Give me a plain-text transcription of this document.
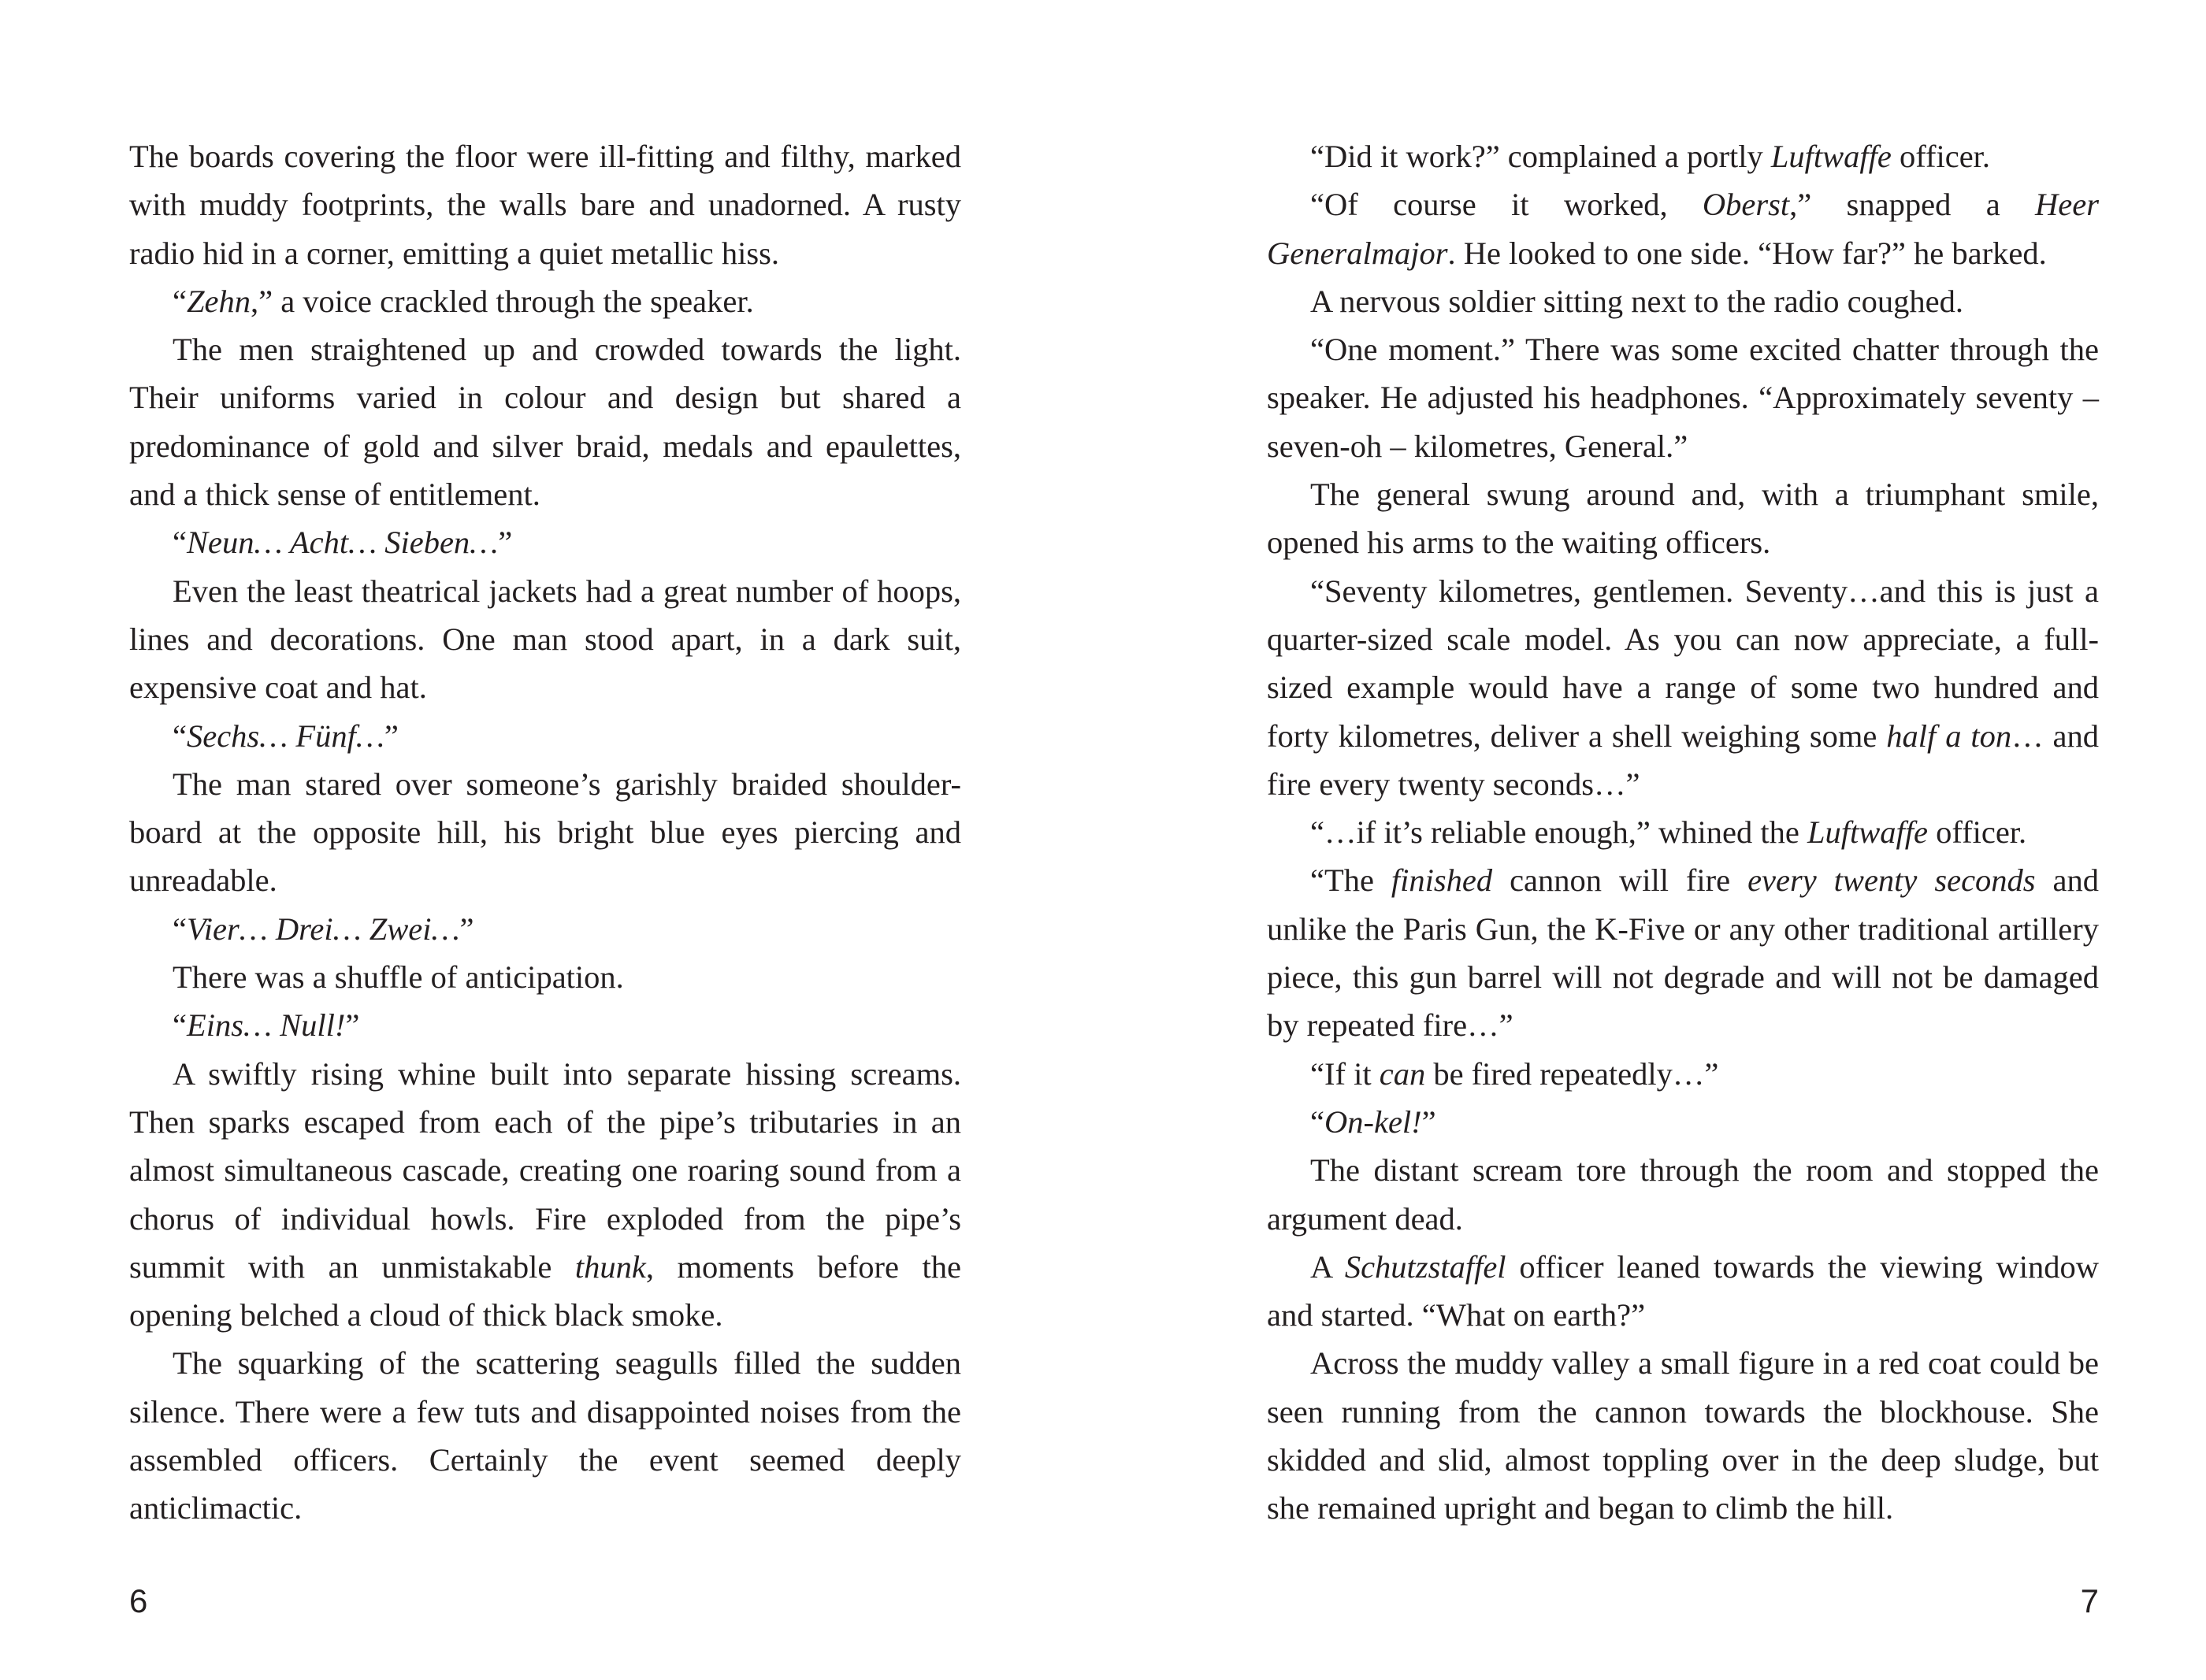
The boards covering the floor were ill-fitting and filthy, marked with muddy footprints, the walls bare and unadorned. A rusty radio hid in a corner, emitting a quiet metallic hiss.

“Zehn,” a voice crackled through the speaker.

The men straightened up and crowded towards the light. Their uniforms varied in colour and design but shared a predominance of gold and silver braid, medals and epaulettes, and a thick sense of entitlement.

“Neun… Acht… Sieben…”

Even the least theatrical jackets had a great number of hoops, lines and decorations. One man stood apart, in a dark suit, expensive coat and hat.

“Sechs… Fünf…”

The man stared over someone’s garishly braided shoulder-board at the opposite hill, his bright blue eyes piercing and unreadable.

“Vier… Drei… Zwei…”

There was a shuffle of anticipation.

“Eins… Null!”

A swiftly rising whine built into separate hissing screams. Then sparks escaped from each of the pipe’s tributaries in an almost simultaneous cascade, creating one roaring sound from a chorus of individual howls. Fire exploded from the pipe’s summit with an unmistakable thunk, moments before the opening belched a cloud of thick black smoke.

The squarking of the scattering seagulls filled the sudden silence. There were a few tuts and disappointed noises from the assembled officers. Certainly the event seemed deeply anticlimactic.

6

“Did it work?” complained a portly Luftwaffe officer.

“Of course it worked, Oberst,” snapped a Heer Generalmajor. He looked to one side. “How far?” he barked.

A nervous soldier sitting next to the radio coughed.

“One moment.” There was some excited chatter through the speaker. He adjusted his headphones. “Approximately seventy – seven-oh – kilometres, General.”

The general swung around and, with a triumphant smile, opened his arms to the waiting officers.

“Seventy kilometres, gentlemen. Seventy…and this is just a quarter-sized scale model. As you can now appreciate, a full-sized example would have a range of some two hundred and forty kilometres, deliver a shell weighing some half a ton… and fire every twenty seconds…”

“…if it’s reliable enough,” whined the Luftwaffe officer.

“The finished cannon will fire every twenty seconds and unlike the Paris Gun, the K-Five or any other traditional artillery piece, this gun barrel will not degrade and will not be damaged by repeated fire…”

“If it can be fired repeatedly…”

“On-kel!”

The distant scream tore through the room and stopped the argument dead.

A Schutzstaffel officer leaned towards the viewing window and started. “What on earth?”

Across the muddy valley a small figure in a red coat could be seen running from the cannon towards the blockhouse. She skidded and slid, almost toppling over in the deep sludge, but she remained upright and began to climb the hill.

7
